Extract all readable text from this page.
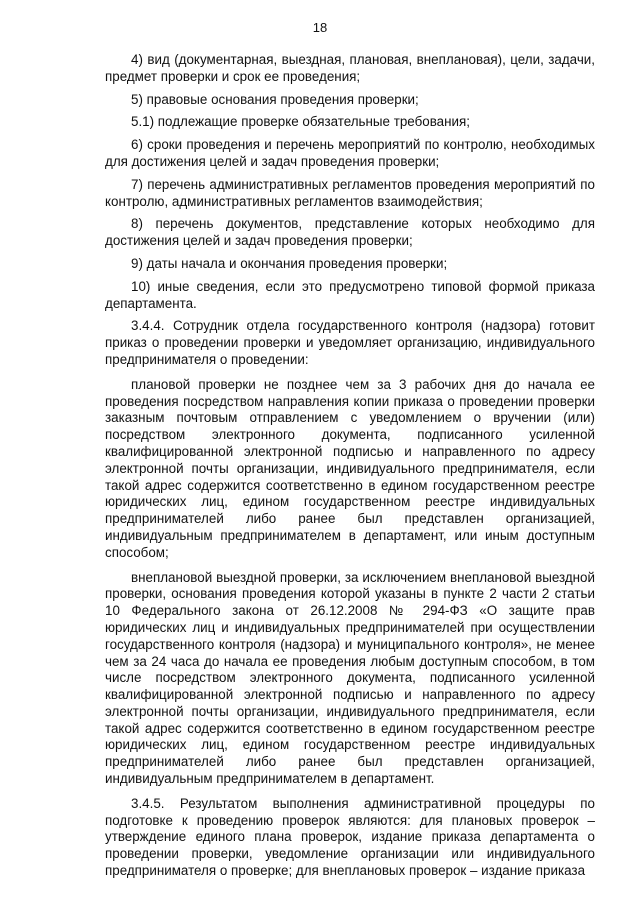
18

4) вид (документарная, выездная, плановая, внеплановая), цели, задачи, предмет проверки и срок ее проведения;

5) правовые основания проведения проверки;

5.1) подлежащие проверке обязательные требования;

6) сроки проведения и перечень мероприятий по контролю, необходимых для достижения целей и задач проведения проверки;

7) перечень административных регламентов проведения мероприятий по контролю, административных регламентов взаимодействия;

8) перечень документов, представление которых необходимо для достижения целей и задач проведения проверки;

9) даты начала и окончания проведения проверки;

10) иные сведения, если это предусмотрено типовой формой приказа департамента.

3.4.4. Сотрудник отдела государственного контроля (надзора) готовит приказ о проведении проверки и уведомляет организацию, индивидуального предпринимателя о проведении:

плановой проверки не позднее чем за 3 рабочих дня до начала ее проведения посредством направления копии приказа о проведении проверки заказным почтовым отправлением с уведомлением о вручении (или) посредством электронного документа, подписанного усиленной квалифицированной электронной подписью и направленного по адресу электронной почты организации, индивидуального предпринимателя, если такой адрес содержится соответственно в едином государственном реестре юридических лиц, едином государственном реестре индивидуальных предпринимателей либо ранее был представлен организацией, индивидуальным предпринимателем в департамент, или иным доступным способом;

внеплановой выездной проверки, за исключением внеплановой выездной проверки, основания проведения которой указаны в пункте 2 части 2 статьи 10 Федерального закона от 26.12.2008 № 294-ФЗ «О защите прав юридических лиц и индивидуальных предпринимателей при осуществлении государственного контроля (надзора) и муниципального контроля», не менее чем за 24 часа до начала ее проведения любым доступным способом, в том числе посредством электронного документа, подписанного усиленной квалифицированной электронной подписью и направленного по адресу электронной почты организации, индивидуального предпринимателя, если такой адрес содержится соответственно в едином государственном реестре юридических лиц, едином государственном реестре индивидуальных предпринимателей либо ранее был представлен организацией, индивидуальным предпринимателем в департамент.

3.4.5. Результатом выполнения административной процедуры по подготовке к проведению проверок являются: для плановых проверок – утверждение единого плана проверок, издание приказа департамента о проведении проверки, уведомление организации или индивидуального предпринимателя о проверке; для внеплановых проверок – издание приказа
